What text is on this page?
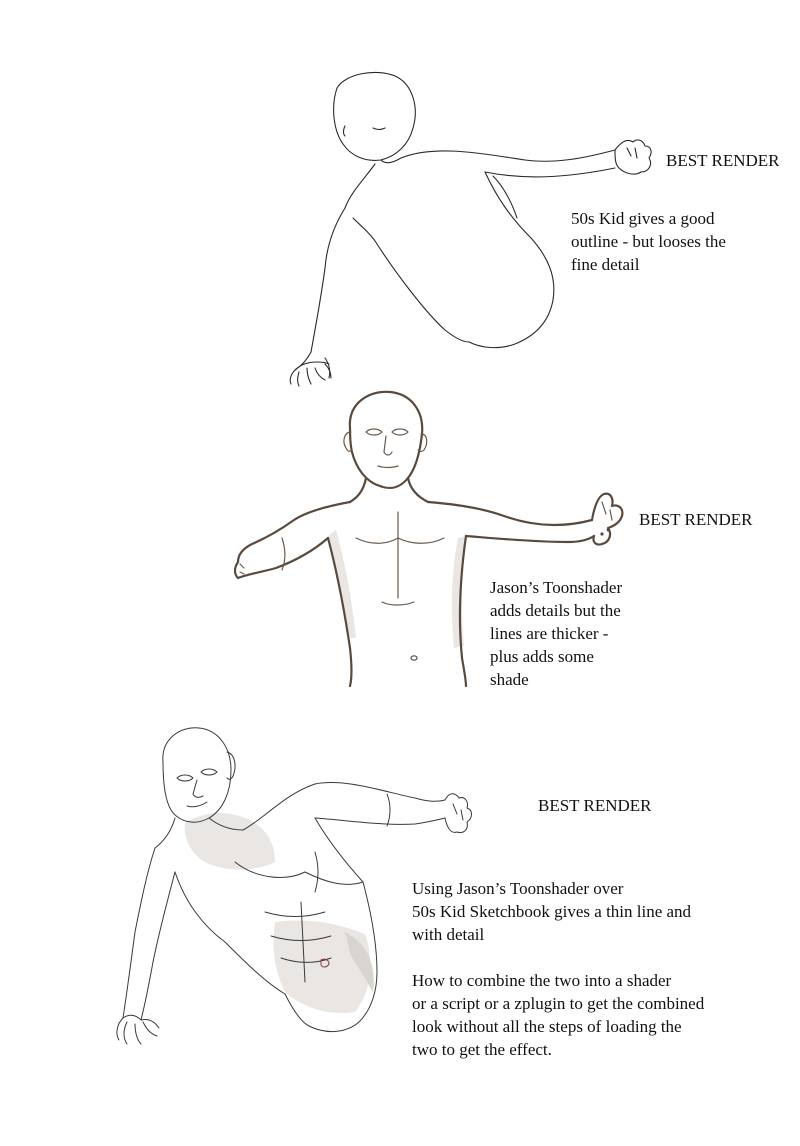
BEST RENDER
50s Kid gives a good
outline - but looses the
fine detail
BEST RENDER
Jason’s Toonshader
adds details but the
lines are thicker -
plus adds some
shade
BEST RENDER
Using Jason’s Toonshader over
50s Kid Sketchbook gives a thin line and
with detail
How to combine the two into a shader
or a script or a zplugin to get the combined
look without all the steps of loading the
two to get the effect.
